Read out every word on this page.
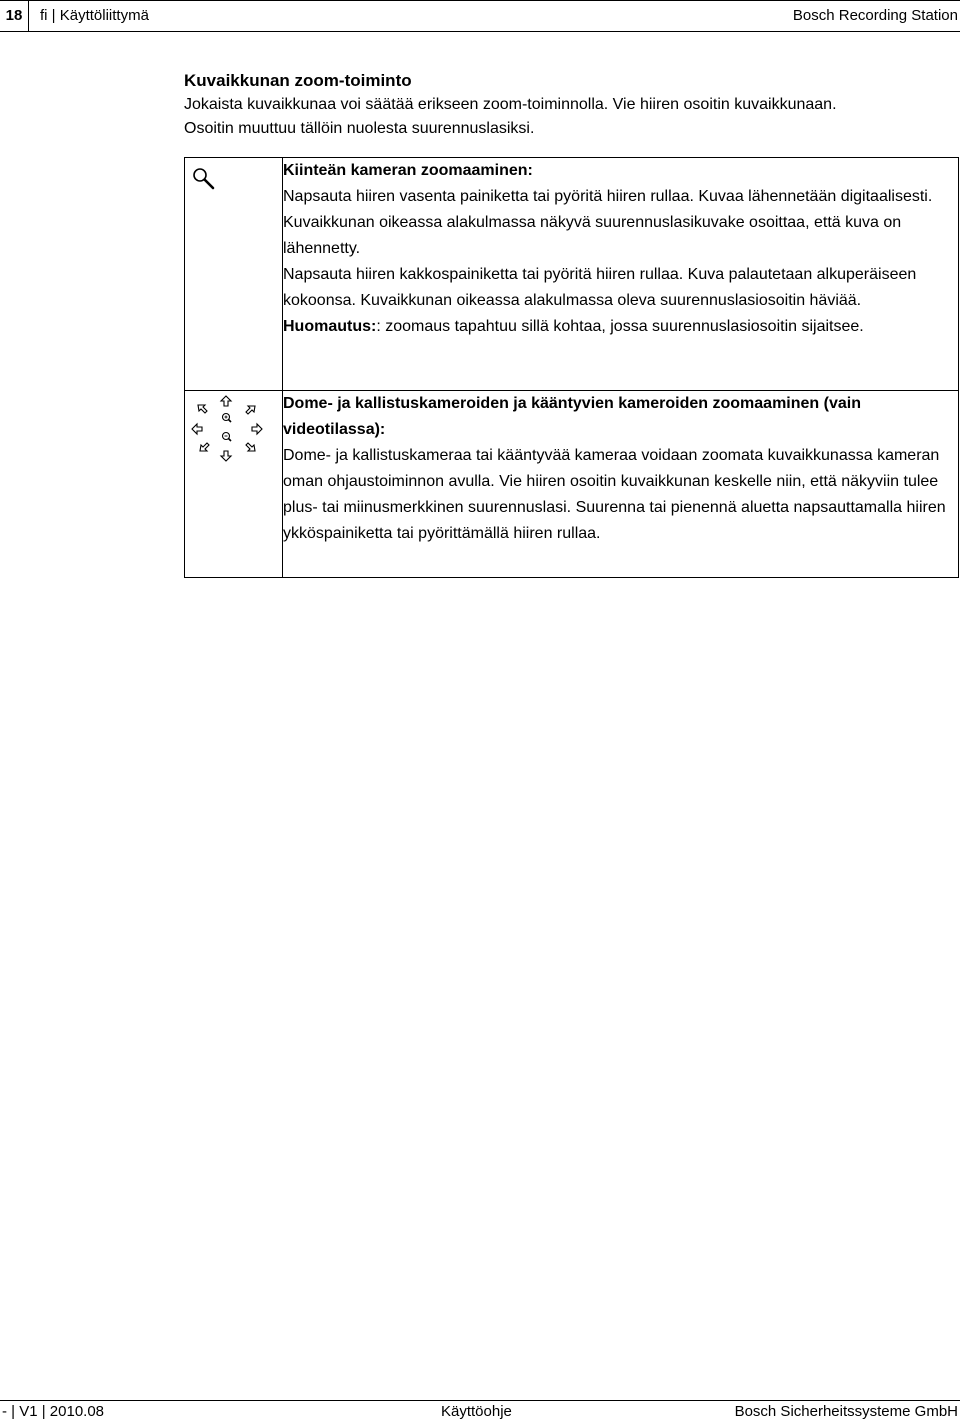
18	fi | Käyttöliittymä	Bosch Recording Station
Kuvaikkunan zoom-toiminto

Jokaista kuvaikkunaa voi säätää erikseen zoom-toiminnolla. Vie hiiren osoitin kuvaikkunaan.

Osoitin muuttuu tällöin nuolesta suurennuslasiksi.

Kiinteän kameran zoomaaminen:

Napsauta hiiren vasenta painiketta tai pyöritä hiiren rullaa. Kuvaa lähennetään digitaalisesti. Kuvaikkunan oikeassa alakulmassa näkyvä suurennuslasikuvake osoittaa, että kuva on lähennetty.

Napsauta hiiren kakkospainiketta tai pyöritä hiiren rullaa. Kuva palautetaan alkuperäiseen kokoonsa. Kuvaikkunan oikeassa alakulmassa oleva suurennuslasiosoitin häviää.

Huomautus:: zoomaus tapahtuu sillä kohtaa, jossa suurennuslasiosoitin sijaitsee.

Dome- ja kallistuskameroiden ja kääntyvien kameroiden zoomaaminen (vain videotilassa):

Dome- ja kallistuskameraa tai kääntyvää kameraa voidaan zoomata kuvaikkunassa kameran oman ohjaustoiminnon avulla. Vie hiiren osoitin kuvaikkunan keskelle niin, että näkyviin tulee plus- tai miinusmerkkinen suurennuslasi. Suurenna tai pienennä aluetta napsauttamalla hiiren ykköspainiketta tai pyörittämällä hiiren rullaa.

- | V1 | 2010.08	Käyttöohje	Bosch Sicherheitssysteme GmbH
